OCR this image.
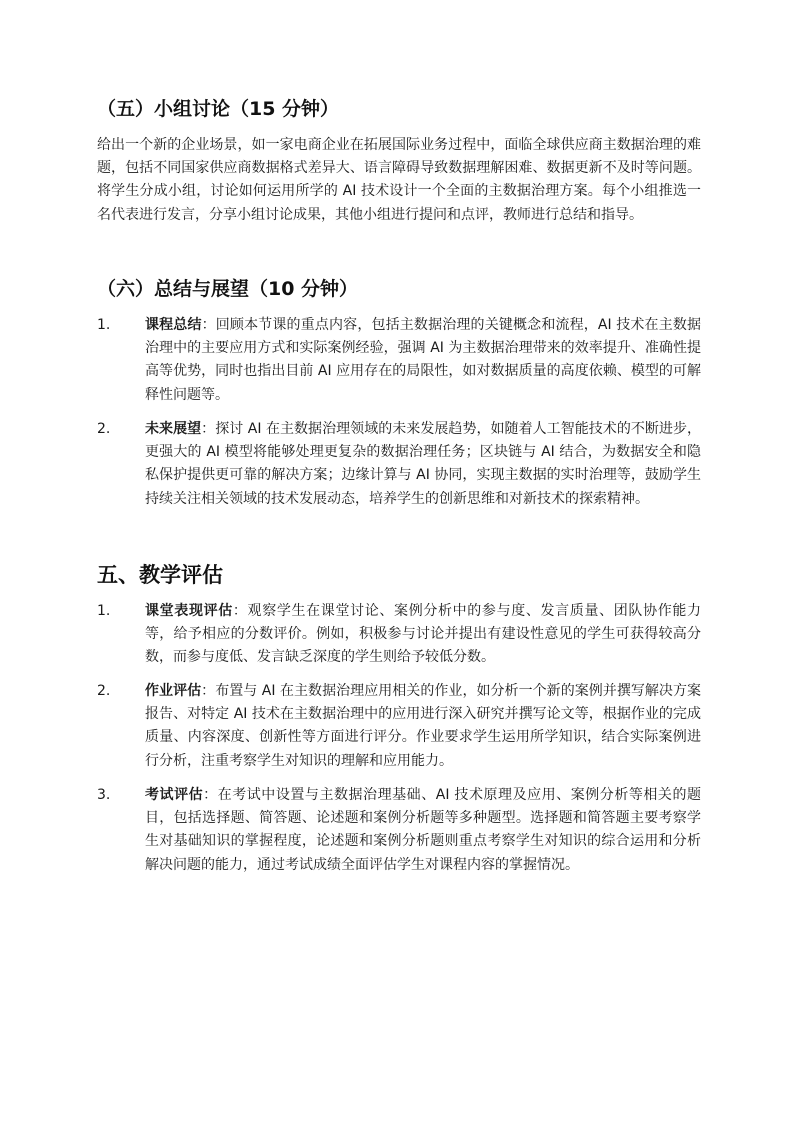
（五）小组讨论（15 分钟）

给出一个新的企业场景，如一家电商企业在拓展国际业务过程中，面临全球供应商主数据治理的难题，包括不同国家供应商数据格式差异大、语言障碍导致数据理解困难、数据更新不及时等问题。将学生分成小组，讨论如何运用所学的 AI 技术设计一个全面的主数据治理方案。每个小组推选一名代表进行发言，分享小组讨论成果，其他小组进行提问和点评，教师进行总结和指导。

（六）总结与展望（10 分钟）
1.	课程总结：回顾本节课的重点内容，包括主数据治理的关键概念和流程，AI 技术在主数据治理中的主要应用方式和实际案例经验，强调 AI 为主数据治理带来的效率提升、准确性提高等优势，同时也指出目前 AI 应用存在的局限性，如对数据质量的高度依赖、模型的可解释性问题等。
2.	未来展望：探讨 AI 在主数据治理领域的未来发展趋势，如随着人工智能技术的不断进步，更强大的 AI 模型将能够处理更复杂的数据治理任务；区块链与 AI 结合，为数据安全和隐私保护提供更可靠的解决方案；边缘计算与 AI 协同，实现主数据的实时治理等，鼓励学生持续关注相关领域的技术发展动态，培养学生的创新思维和对新技术的探索精神。
五、教学评估
1.	课堂表现评估：观察学生在课堂讨论、案例分析中的参与度、发言质量、团队协作能力等，给予相应的分数评价。例如，积极参与讨论并提出有建设性意见的学生可获得较高分数，而参与度低、发言缺乏深度的学生则给予较低分数。
2.	作业评估：布置与 AI 在主数据治理应用相关的作业，如分析一个新的案例并撰写解决方案报告、对特定 AI 技术在主数据治理中的应用进行深入研究并撰写论文等，根据作业的完成质量、内容深度、创新性等方面进行评分。作业要求学生运用所学知识，结合实际案例进行分析，注重考察学生对知识的理解和应用能力。
3.	考试评估：在考试中设置与主数据治理基础、AI 技术原理及应用、案例分析等相关的题目，包括选择题、简答题、论述题和案例分析题等多种题型。选择题和简答题主要考察学生对基础知识的掌握程度，论述题和案例分析题则重点考察学生对知识的综合运用和分析解决问题的能力，通过考试成绩全面评估学生对课程内容的掌握情况。
